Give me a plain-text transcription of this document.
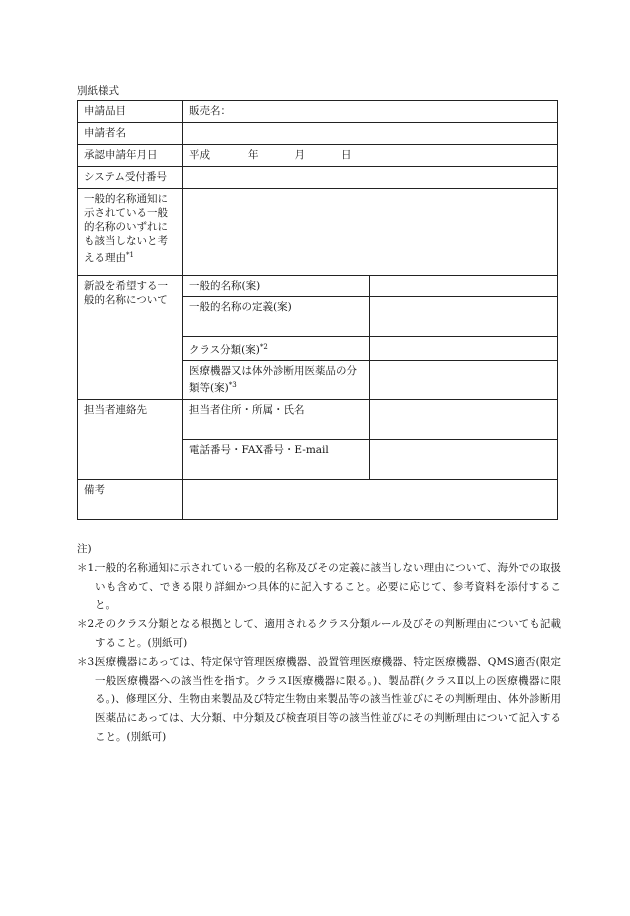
別紙様式

申請品目	販売名：	
申請者名		
承認申請年月日	平成 年 月 日	
システム受付番号		
一般的名称通知に示されている一般的名称のいずれにも該当しないと考える理由$^{*1}$	
新設を希望する一般的名称について	一般的名称(案)	
	一般的名称の定義(案)	
	クラス分類(案)$^{*2}$	
	医療機器又は体外診断用医薬品の分類等(案)$^{*3}$	
担当者連絡先	担当者住所・所属・氏名	
	電話番号・FAX番号・E-mail	
備考		

注)

＊1.
一般的名称通知に示されている一般的名称及びその定義に該当しない理由について、海外での取扱いも含めて、できる限り詳細かつ具体的に記入すること。必要に応じて、参考資料を添付すること。

＊2.
そのクラス分類となる根拠として、適用されるクラス分類ルール及びその判断理由についても記載すること。(別紙可)

＊3.
医療機器にあっては、特定保守管理医療機器、設置管理医療機器、特定医療機器、QMS適否(限定一般医療機器への該当性を指す。クラスⅠ医療機器に限る。)、製品群(クラスⅡ以上の医療機器に限る。)、修理区分、生物由来製品及び特定生物由来製品等の該当性並びにその判断理由、体外診断用医薬品にあっては、大分類、中分類及び検査項目等の該当性並びにその判断理由について記入すること。(別紙可)
